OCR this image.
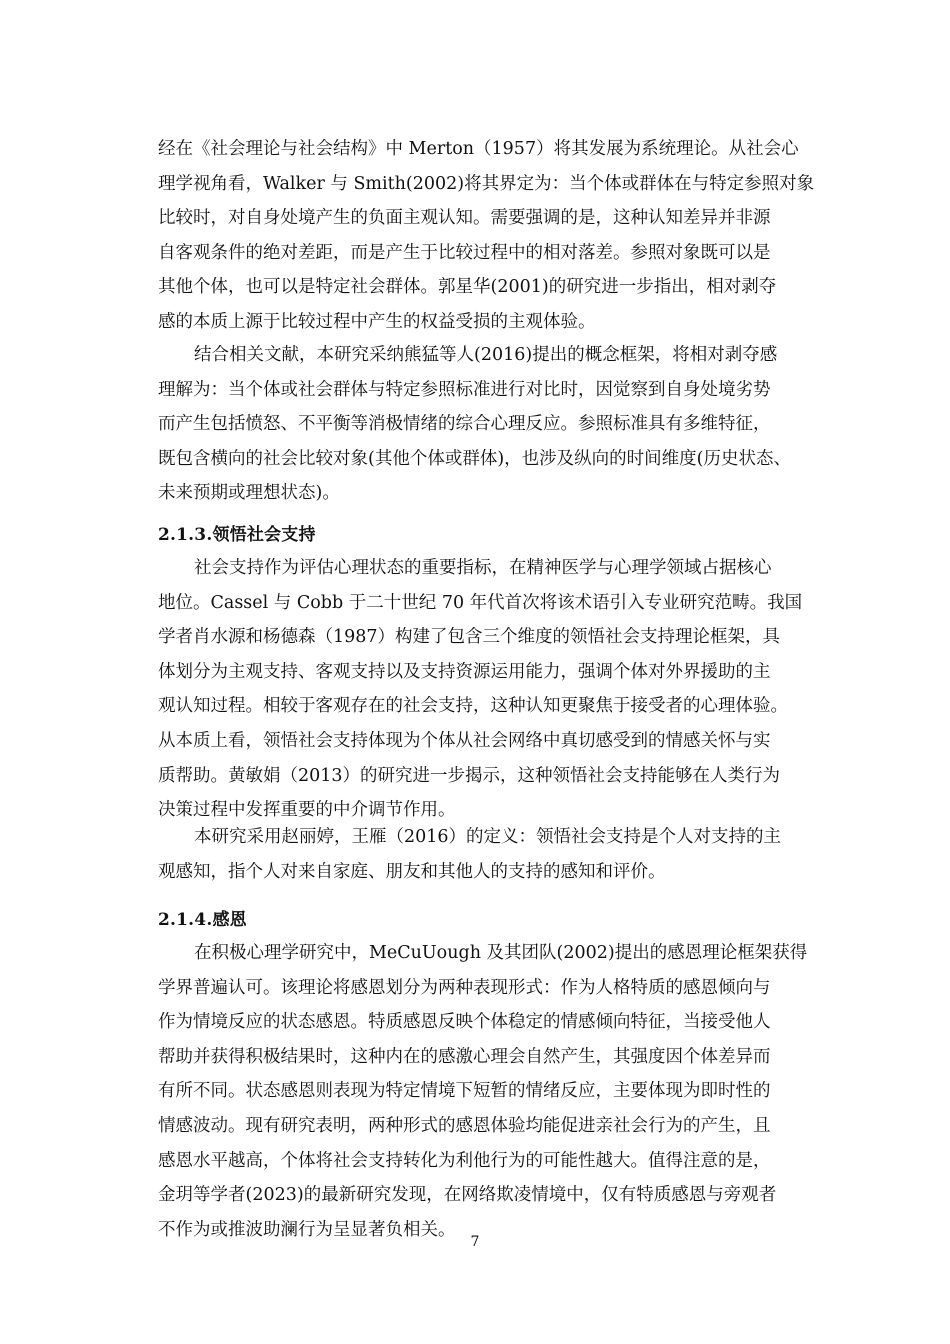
经在《社会理论与社会结构》中 Merton（1957）将其发展为系统理论。从社会心
理学视角看，Walker 与 Smith(2002)将其界定为：当个体或群体在与特定参照对象
比较时，对自身处境产生的负面主观认知。需要强调的是，这种认知差异并非源
自客观条件的绝对差距，而是产生于比较过程中的相对落差。参照对象既可以是
其他个体，也可以是特定社会群体。郭星华(2001)的研究进一步指出，相对剥夺
感的本质上源于比较过程中产生的权益受损的主观体验。

结合相关文献，本研究采纳熊猛等人(2016)提出的概念框架，将相对剥夺感
理解为：当个体或社会群体与特定参照标准进行对比时，因觉察到自身处境劣势
而产生包括愤怒、不平衡等消极情绪的综合心理反应。参照标准具有多维特征，
既包含横向的社会比较对象(其他个体或群体)，也涉及纵向的时间维度(历史状态、
未来预期或理想状态)。

2.1.3.领悟社会支持

社会支持作为评估心理状态的重要指标，在精神医学与心理学领域占据核心
地位。Cassel 与 Cobb 于二十世纪 70 年代首次将该术语引入专业研究范畴。我国
学者肖水源和杨德森（1987）构建了包含三个维度的领悟社会支持理论框架，具
体划分为主观支持、客观支持以及支持资源运用能力，强调个体对外界援助的主
观认知过程。相较于客观存在的社会支持，这种认知更聚焦于接受者的心理体验。
从本质上看，领悟社会支持体现为个体从社会网络中真切感受到的情感关怀与实
质帮助。黄敏娟（2013）的研究进一步揭示，这种领悟社会支持能够在人类行为
决策过程中发挥重要的中介调节作用。

本研究采用赵丽婷，王雁（2016）的定义：领悟社会支持是个人对支持的主
观感知，指个人对来自家庭、朋友和其他人的支持的感知和评价。

2.1.4.感恩

在积极心理学研究中，MeCuUough 及其团队(2002)提出的感恩理论框架获得
学界普遍认可。该理论将感恩划分为两种表现形式：作为人格特质的感恩倾向与
作为情境反应的状态感恩。特质感恩反映个体稳定的情感倾向特征，当接受他人
帮助并获得积极结果时，这种内在的感激心理会自然产生，其强度因个体差异而
有所不同。状态感恩则表现为特定情境下短暂的情绪反应，主要体现为即时性的
情感波动。现有研究表明，两种形式的感恩体验均能促进亲社会行为的产生，且
感恩水平越高，个体将社会支持转化为利他行为的可能性越大。值得注意的是，
金玥等学者(2023)的最新研究发现，在网络欺凌情境中，仅有特质感恩与旁观者
不作为或推波助澜行为呈显著负相关。

7
